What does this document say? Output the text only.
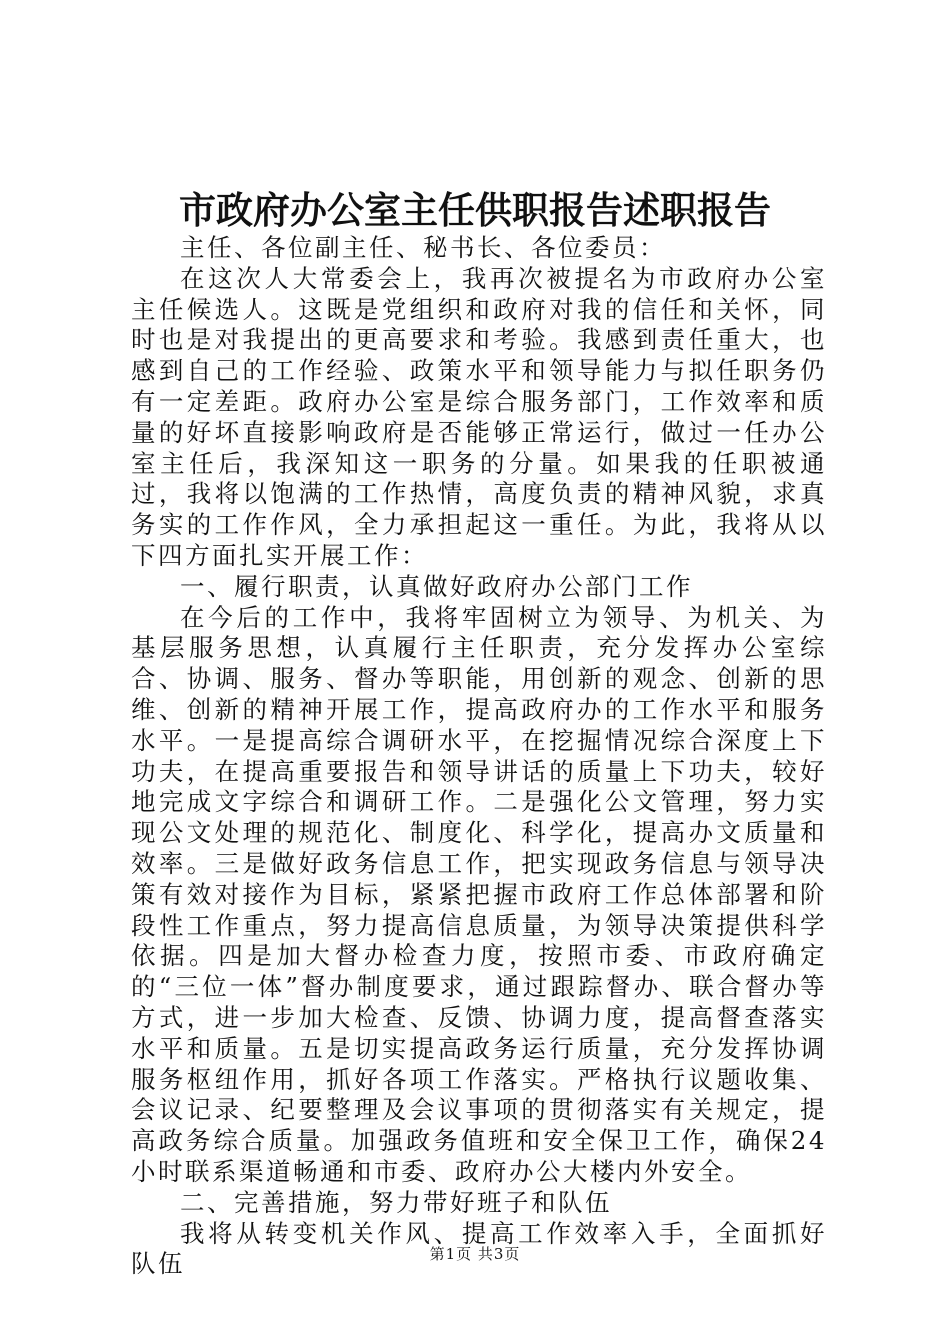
市政府办公室主任供职报告述职报告

主任、各位副主任、秘书长、各位委员：

在这次人大常委会上，我再次被提名为市政府办公室主任候选人。这既是党组织和政府对我的信任和关怀，同时也是对我提出的更高要求和考验。我感到责任重大，也感到自己的工作经验、政策水平和领导能力与拟任职务仍有一定差距。政府办公室是综合服务部门，工作效率和质量的好坏直接影响政府是否能够正常运行，做过一任办公室主任后，我深知这一职务的分量。如果我的任职被通过，我将以饱满的工作热情，高度负责的精神风貌，求真务实的工作作风，全力承担起这一重任。为此，我将从以下四方面扎实开展工作：

一、履行职责，认真做好政府办公部门工作

在今后的工作中，我将牢固树立为领导、为机关、为基层服务思想，认真履行主任职责，充分发挥办公室综合、协调、服务、督办等职能，用创新的观念、创新的思维、创新的精神开展工作，提高政府办的工作水平和服务水平。一是提高综合调研水平，在挖掘情况综合深度上下功夫，在提高重要报告和领导讲话的质量上下功夫，较好地完成文字综合和调研工作。二是强化公文管理，努力实现公文处理的规范化、制度化、科学化，提高办文质量和效率。三是做好政务信息工作，把实现政务信息与领导决策有效对接作为目标，紧紧把握市政府工作总体部署和阶段性工作重点，努力提高信息质量，为领导决策提供科学依据。四是加大督办检查力度，按照市委、市政府确定的“三位一体”督办制度要求，通过跟踪督办、联合督办等方式，进一步加大检查、反馈、协调力度，提高督查落实水平和质量。五是切实提高政务运行质量，充分发挥协调服务枢纽作用，抓好各项工作落实。严格执行议题收集、会议记录、纪要整理及会议事项的贯彻落实有关规定，提高政务综合质量。加强政务值班和安全保卫工作，确保24小时联系渠道畅通和市委、政府办公大楼内外安全。

二、完善措施，努力带好班子和队伍

我将从转变机关作风、提高工作效率入手，全面抓好队伍	第1页 共3页
